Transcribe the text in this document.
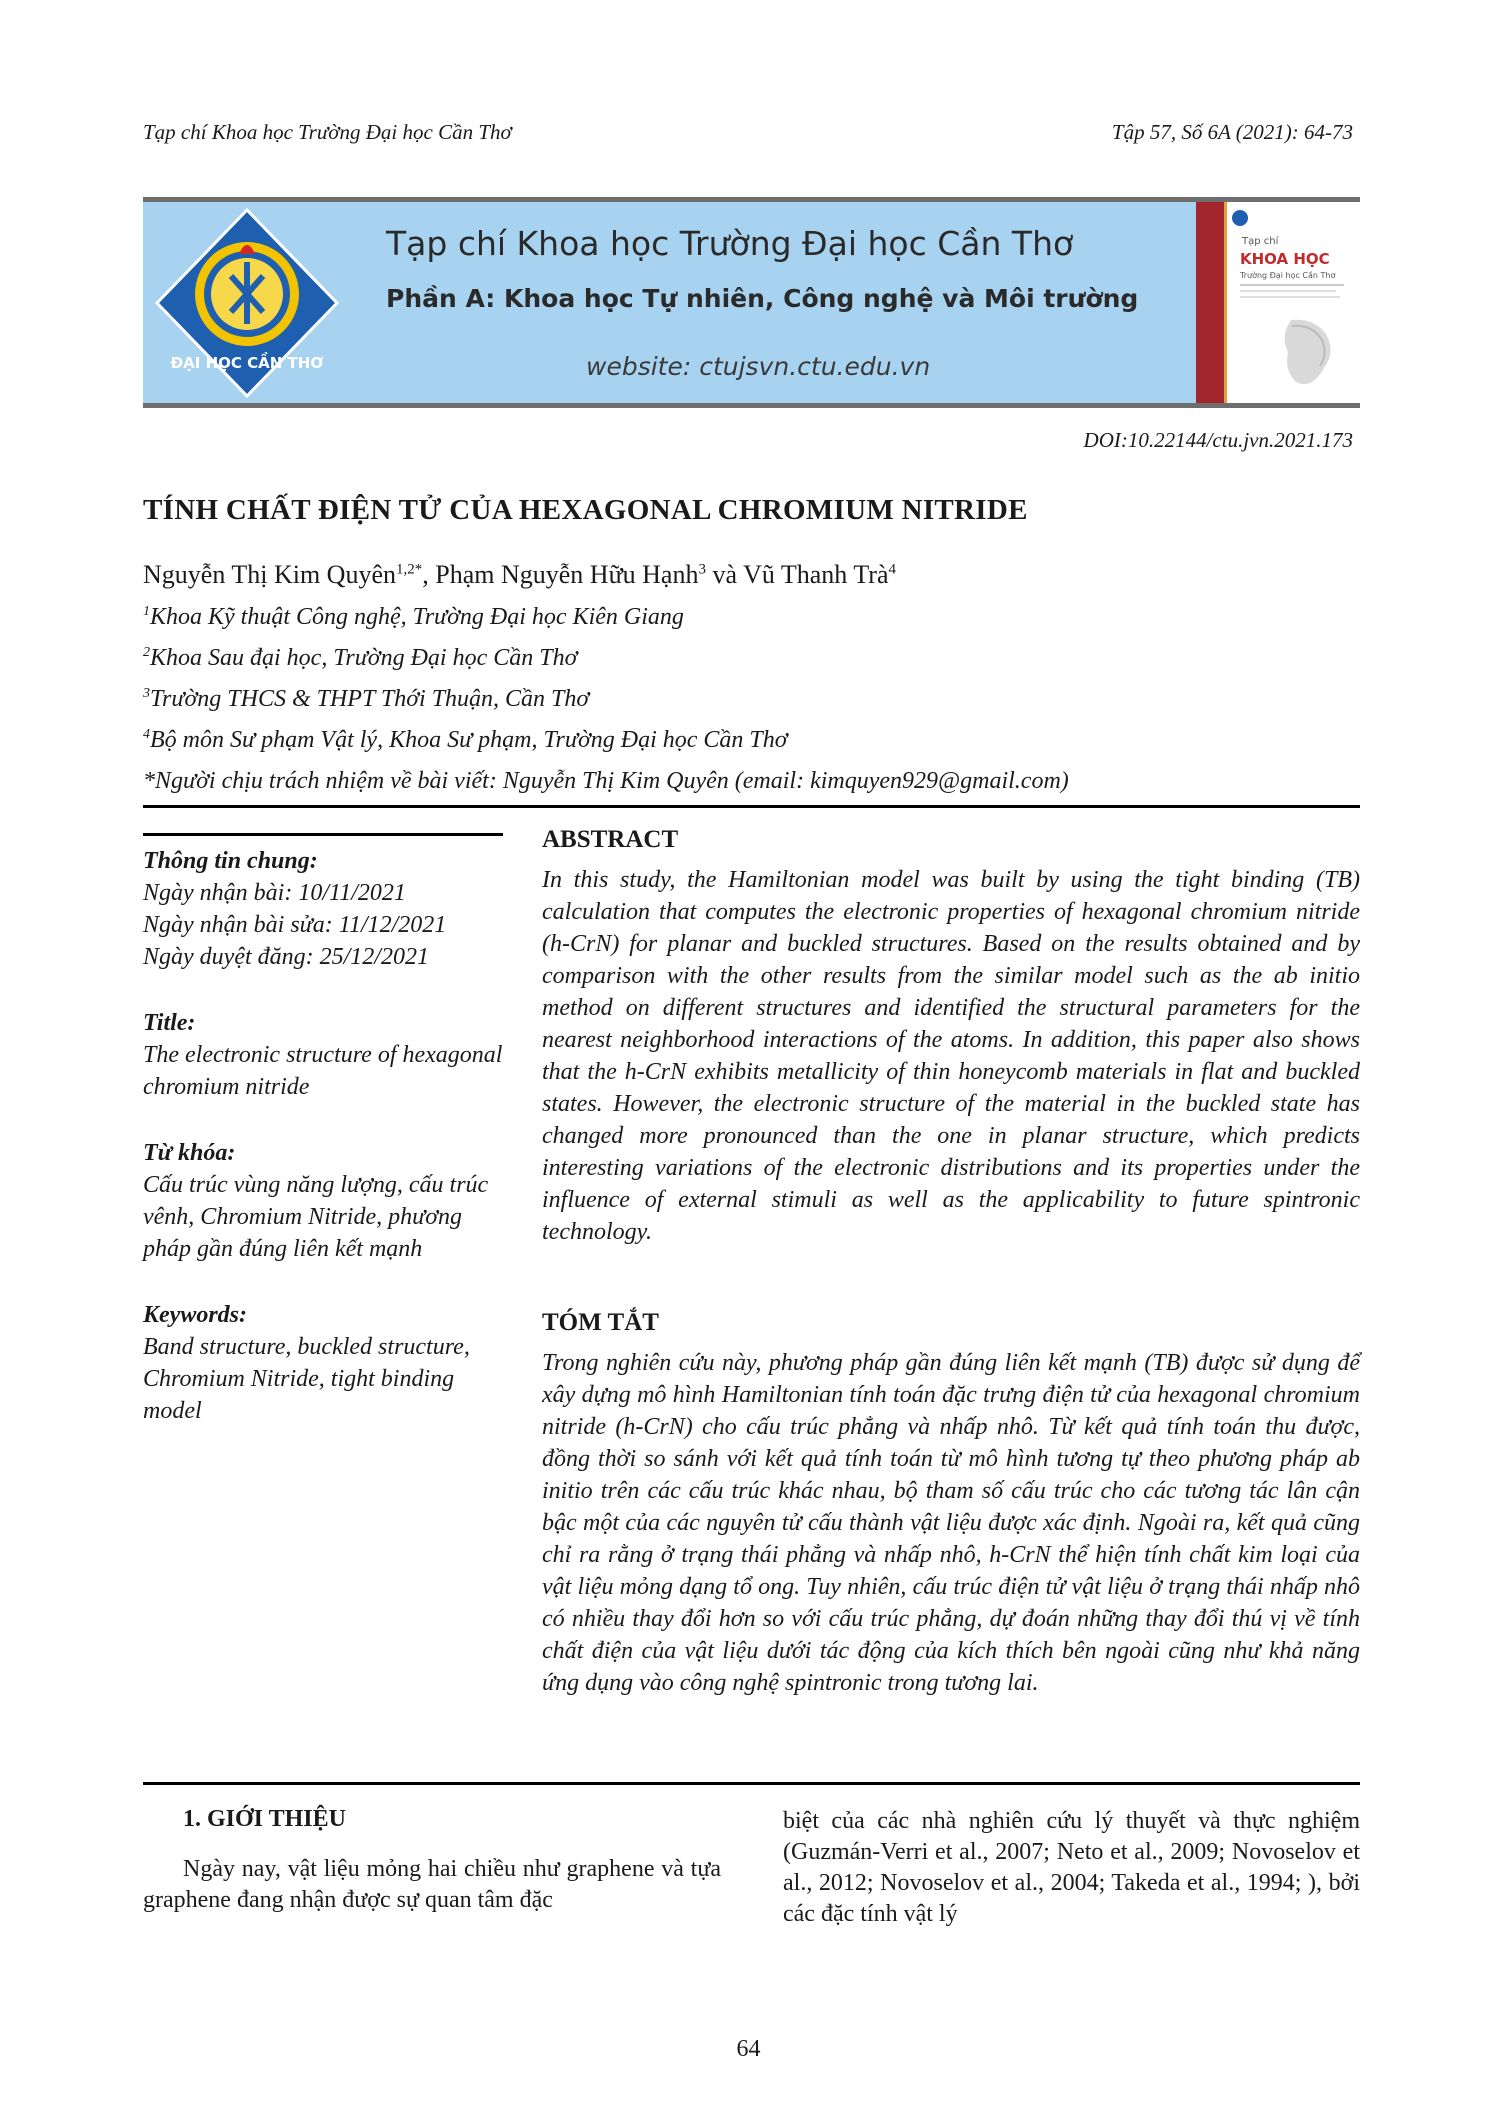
Tạp chí Khoa học Trường Đại học Cần Thơ	Tập 57, Số 6A (2021): 64-73
ĐẠI HỌC CẦN THƠ
Tạp chí Khoa học Trường Đại học Cần Thơ
Phần A: Khoa học Tự nhiên, Công nghệ và Môi trường
website: ctujsvn.ctu.edu.vn
Tạp chí
KHOA HỌC
Trường Đại học Cần Thơ
DOI:10.22144/ctu.jvn.2021.173
TÍNH CHẤT ĐIỆN TỬ CỦA HEXAGONAL CHROMIUM NITRIDE
Nguyễn Thị Kim Quyên$^{1,2*}$, Phạm Nguyễn Hữu Hạnh$^3$ và Vũ Thanh Trà$^4$
$^1$Khoa Kỹ thuật Công nghệ, Trường Đại học Kiên Giang
$^2$Khoa Sau đại học, Trường Đại học Cần Thơ
$^3$Trường THCS & THPT Thới Thuận, Cần Thơ
$^4$Bộ môn Sư phạm Vật lý, Khoa Sư phạm, Trường Đại học Cần Thơ
*Người chịu trách nhiệm về bài viết: Nguyễn Thị Kim Quyên (email: kimquyen929@gmail.com)
Thông tin chung:
Ngày nhận bài: 10/11/2021
Ngày nhận bài sửa: 11/12/2021
Ngày duyệt đăng: 25/12/2021
Title:
The electronic structure of hexagonal chromium nitride
Từ khóa:
Cấu trúc vùng năng lượng, cấu trúc vênh, Chromium Nitride, phương pháp gần đúng liên kết mạnh
Keywords:
Band structure, buckled structure, Chromium Nitride, tight binding model
ABSTRACT
In this study, the Hamiltonian model was built by using the tight binding (TB) calculation that computes the electronic properties of hexagonal chromium nitride (h-CrN) for planar and buckled structures. Based on the results obtained and by comparison with the other results from the similar model such as the ab initio method on different structures and identified the structural parameters for the nearest neighborhood interactions of the atoms. In addition, this paper also shows that the h-CrN exhibits metallicity of thin honeycomb materials in flat and buckled states. However, the electronic structure of the material in the buckled state has changed more pronounced than the one in planar structure, which predicts interesting variations of the electronic distributions and its properties under the influence of external stimuli as well as the applicability to future spintronic technology.
TÓM TẮT
Trong nghiên cứu này, phương pháp gần đúng liên kết mạnh (TB) được sử dụng để xây dựng mô hình Hamiltonian tính toán đặc trưng điện tử của hexagonal chromium nitride (h-CrN) cho cấu trúc phẳng và nhấp nhô. Từ kết quả tính toán thu được, đồng thời so sánh với kết quả tính toán từ mô hình tương tự theo phương pháp ab initio trên các cấu trúc khác nhau, bộ tham số cấu trúc cho các tương tác lân cận bậc một của các nguyên tử cấu thành vật liệu được xác định. Ngoài ra, kết quả cũng chỉ ra rằng ở trạng thái phẳng và nhấp nhô, h-CrN thể hiện tính chất kim loại của vật liệu mỏng dạng tổ ong. Tuy nhiên, cấu trúc điện tử vật liệu ở trạng thái nhấp nhô có nhiều thay đổi hơn so với cấu trúc phẳng, dự đoán những thay đổi thú vị về tính chất điện của vật liệu dưới tác động của kích thích bên ngoài cũng như khả năng ứng dụng vào công nghệ spintronic trong tương lai.
1. GIỚI THIỆU
Ngày nay, vật liệu mỏng hai chiều như graphene và tựa graphene đang nhận được sự quan tâm đặc
biệt của các nhà nghiên cứu lý thuyết và thực nghiệm (Guzmán-Verri et al., 2007; Neto et al., 2009; Novoselov et al., 2012; Novoselov et al., 2004; Takeda et al., 1994; ), bởi các đặc tính vật lý
64
